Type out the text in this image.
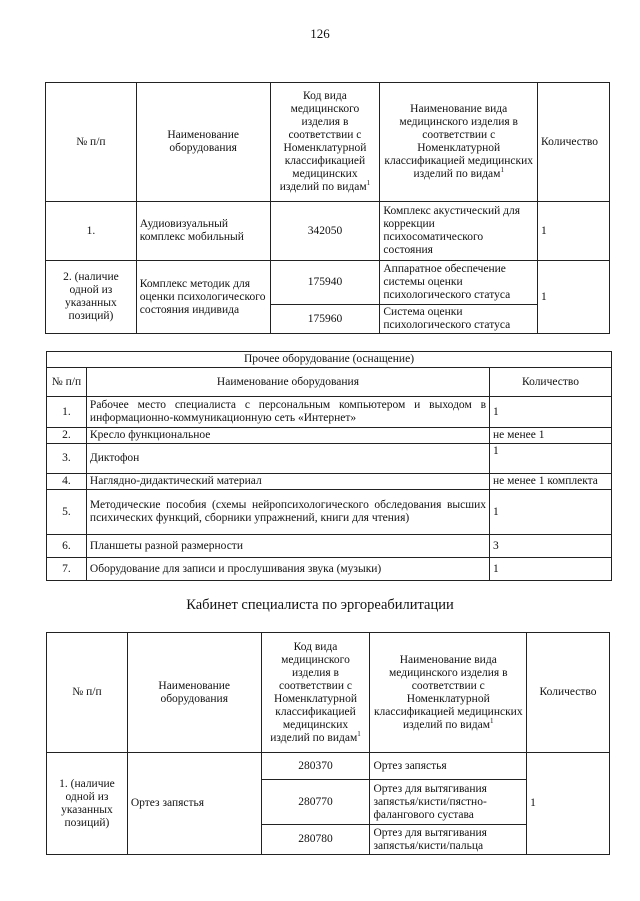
126
№ п/п	Наименование оборудования	Код вида медицинского изделия в соответствии с Номенклатурной классификацией медицинских изделий по видам$^1$	Наименование вида медицинского изделия в соответствии с Номенклатурной классификацией медицинских изделий по видам$^1$	Количество
1.	Аудиовизуальный комплекс мобильный	342050	Комплекс акустический для коррекции психосоматического состояния	1
2. (наличие одной из указанных позиций)	Комплекс методик для оценки психологического состояния индивида	175940	Аппаратное обеспечение системы оценки психологического статуса	1
		175960	Система оценки психологического статуса	
Прочее оборудование (оснащение)		
№ п/п	Наименование оборудования	Количество
1.	Рабочее место специалиста с персональным компьютером и выходом в информационно-коммуникационную сеть «Интернет»	1
2.	Кресло функциональное	не менее 1
3.	Диктофон	1
4.	Наглядно-дидактический материал	не менее 1 комплекта
5.	Методические пособия (схемы нейропсихологического обследования высших психических функций, сборники упражнений, книги для чтения)	1
6.	Планшеты разной размерности	3
7.	Оборудование для записи и прослушивания звука (музыки)	1
Кабинет специалиста по эргореабилитации
№ п/п	Наименование оборудования	Код вида медицинского изделия в соответствии с Номенклатурной классификацией медицинских изделий по видам$^1$	Наименование вида медицинского изделия в соответствии с Номенклатурной классификацией медицинских изделий по видам$^1$	Количество
1. (наличие одной из указанных позиций)	Ортез запястья	280370	Ортез запястья	1
		280770	Ортез для вытягивания запястья/кисти/пястно-фалангового сустава	
		280780	Ортез для вытягивания запястья/кисти/пальца	
